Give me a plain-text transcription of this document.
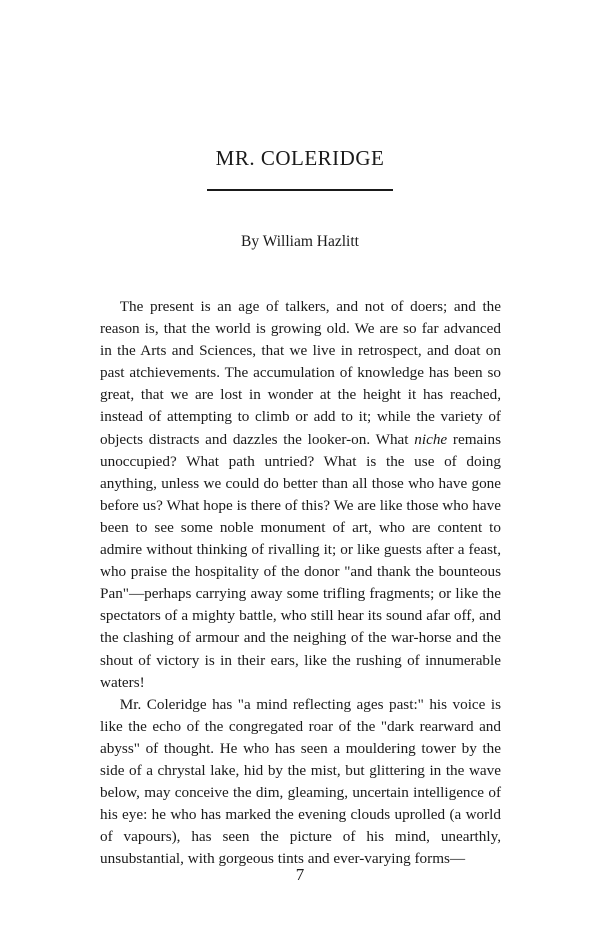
MR. COLERIDGE
By William Hazlitt

The present is an age of talkers, and not of doers; and the reason is, that the world is growing old. We are so far advanced in the Arts and Sciences, that we live in retrospect, and doat on past atchievements. The accumulation of knowledge has been so great, that we are lost in wonder at the height it has reached, instead of attempting to climb or add to it; while the variety of objects distracts and dazzles the looker-on. What niche remains unoccupied? What path untried? What is the use of doing anything, unless we could do better than all those who have gone before us? What hope is there of this? We are like those who have been to see some noble monument of art, who are content to admire without thinking of rivalling it; or like guests after a feast, who praise the hospitality of the donor "and thank the bounteous Pan"—perhaps carrying away some trifling fragments; or like the spectators of a mighty battle, who still hear its sound afar off, and the clashing of armour and the neighing of the war-horse and the shout of victory is in their ears, like the rushing of innumerable waters!

Mr. Coleridge has "a mind reflecting ages past:" his voice is like the echo of the congregated roar of the "dark rearward and abyss" of thought. He who has seen a mouldering tower by the side of a chrystal lake, hid by the mist, but glittering in the wave below, may conceive the dim, gleaming, uncertain intelligence of his eye: he who has marked the evening clouds uprolled (a world of vapours), has seen the picture of his mind, unearthly, unsubstantial, with gorgeous tints and ever-varying forms—

7
